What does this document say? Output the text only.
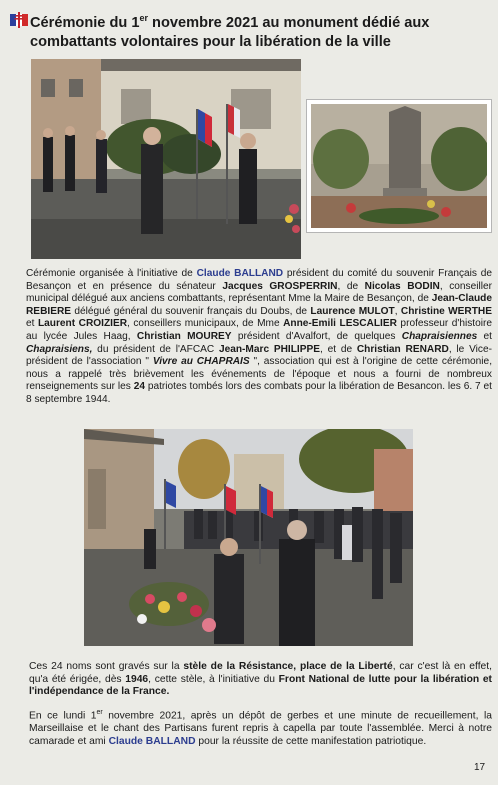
Cérémonie du 1er novembre 2021 au monument dédié aux
combattants volontaires pour la libération de la ville

Cérémonie organisée à l'initiative de Claude BALLAND président du comité du souvenir Français de Besançon et en présence du sénateur Jacques GROSPERRIN, de Nicolas BODIN, conseiller municipal délégué aux anciens combattants, représentant Mme la Maire de Besançon, de Jean-Claude REBIERE délégué général du souvenir français du Doubs, de Laurence MULOT, Christine WERTHE et Laurent CROIZIER, conseillers municipaux, de Mme Anne-Emili LESCALIER professeur d'histoire au lycée Jules Haag, Christian MOUREY président d'Avalfort, de quelques Chapraisiennes et Chapraisiens, du président de l'AFCAC Jean-Marc PHILIPPE, et de Christian RENARD, le Vice-président de l'association " Vivre au CHAPRAIS ", association qui est à l'origine de cette cérémonie, nous a rappelé très brièvement les événements de l'époque et nous a fourni de nombreux renseignements sur les 24 patriotes tombés lors des combats pour la libération de Besancon. les 6. 7 et 8 septembre 1944.

Ces 24 noms sont gravés sur la stèle de la Résistance, place de la Liberté, car c'est là en effet, qu'a été érigée, dès 1946, cette stèle, à l'initiative du Front National de lutte pour la libération et l'indépendance de la France.

En ce lundi 1er novembre 2021, après un dépôt de gerbes et une minute de recueillement, la Marseillaise et le chant des Partisans furent repris à capella par toute l'assemblée. Merci à notre camarade et ami Claude BALLAND pour la réussite de cette manifestation patriotique.

17
